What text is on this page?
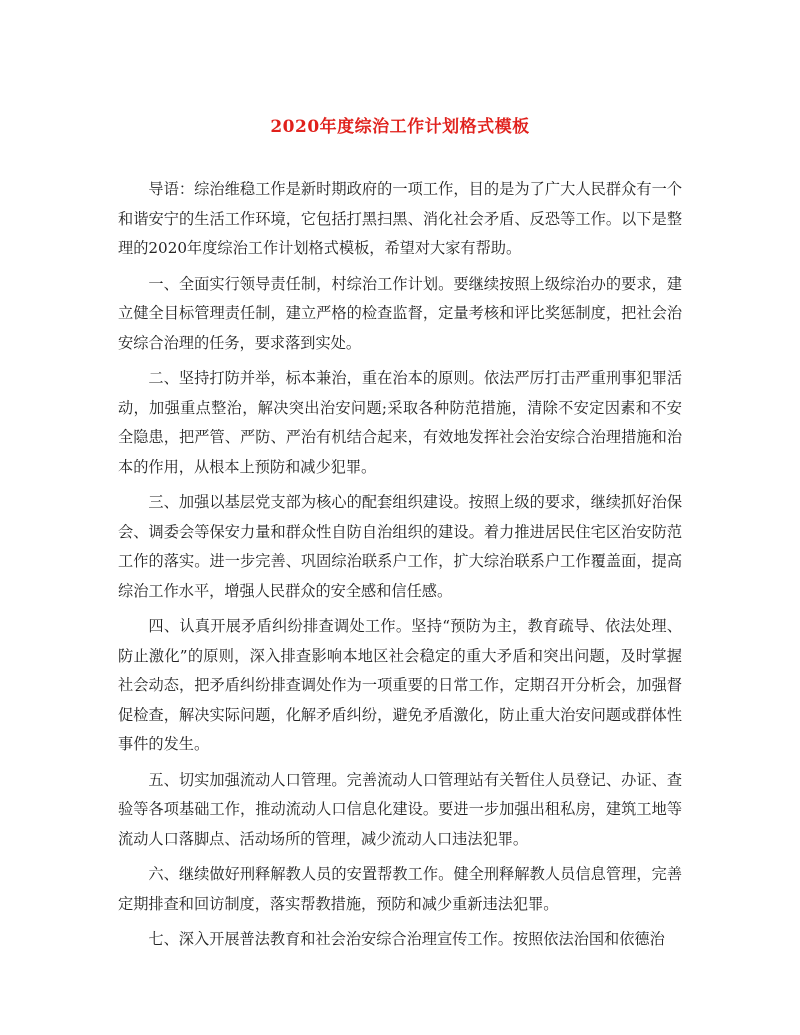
2020年度综治工作计划格式模板

导语：综治维稳工作是新时期政府的一项工作，目的是为了广大人民群众有一个和谐安宁的生活工作环境，它包括打黑扫黑、消化社会矛盾、反恐等工作。以下是整理的2020年度综治工作计划格式模板，希望对大家有帮助。

一、全面实行领导责任制，村综治工作计划。要继续按照上级综治办的要求，建立健全目标管理责任制，建立严格的检查监督，定量考核和评比奖惩制度，把社会治安综合治理的任务，要求落到实处。

二、坚持打防并举，标本兼治，重在治本的原则。依法严厉打击严重刑事犯罪活动，加强重点整治，解决突出治安问题;采取各种防范措施，清除不安定因素和不安全隐患，把严管、严防、严治有机结合起来，有效地发挥社会治安综合治理措施和治本的作用，从根本上预防和减少犯罪。

三、加强以基层党支部为核心的配套组织建设。按照上级的要求，继续抓好治保会、调委会等保安力量和群众性自防自治组织的建设。着力推进居民住宅区治安防范工作的落实。进一步完善、巩固综治联系户工作，扩大综治联系户工作覆盖面，提高综治工作水平，增强人民群众的安全感和信任感。

四、认真开展矛盾纠纷排查调处工作。坚持“预防为主，教育疏导、依法处理、防止激化”的原则，深入排查影响本地区社会稳定的重大矛盾和突出问题，及时掌握社会动态，把矛盾纠纷排查调处作为一项重要的日常工作，定期召开分析会，加强督促检查，解决实际问题，化解矛盾纠纷，避免矛盾激化，防止重大治安问题或群体性事件的发生。

五、切实加强流动人口管理。完善流动人口管理站有关暂住人员登记、办证、查验等各项基础工作，推动流动人口信息化建设。要进一步加强出租私房，建筑工地等流动人口落脚点、活动场所的管理，减少流动人口违法犯罪。

六、继续做好刑释解教人员的安置帮教工作。健全刑释解教人员信息管理，完善定期排查和回访制度，落实帮教措施，预防和减少重新违法犯罪。

七、深入开展普法教育和社会治安综合治理宣传工作。按照依法治国和依德治
